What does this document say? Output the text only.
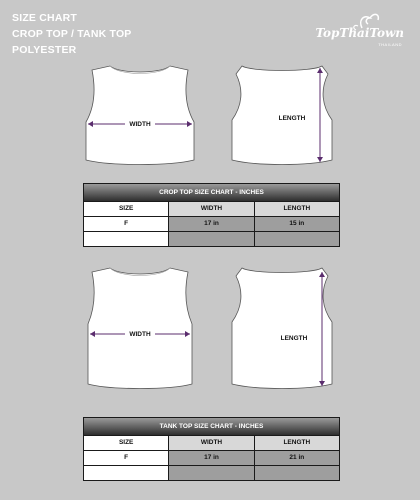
SIZE CHART
CROP TOP / TANK TOP
POLYESTER
TopThaiTown
THAILAND
WIDTH
LENGTH
CROP TOP SIZE CHART - INCHES
SIZE	WIDTH	LENGTH
F	17 in	15 in
WIDTH
LENGTH
TANK TOP SIZE CHART - INCHES
SIZE	WIDTH	LENGTH
F	17 in	21 in
